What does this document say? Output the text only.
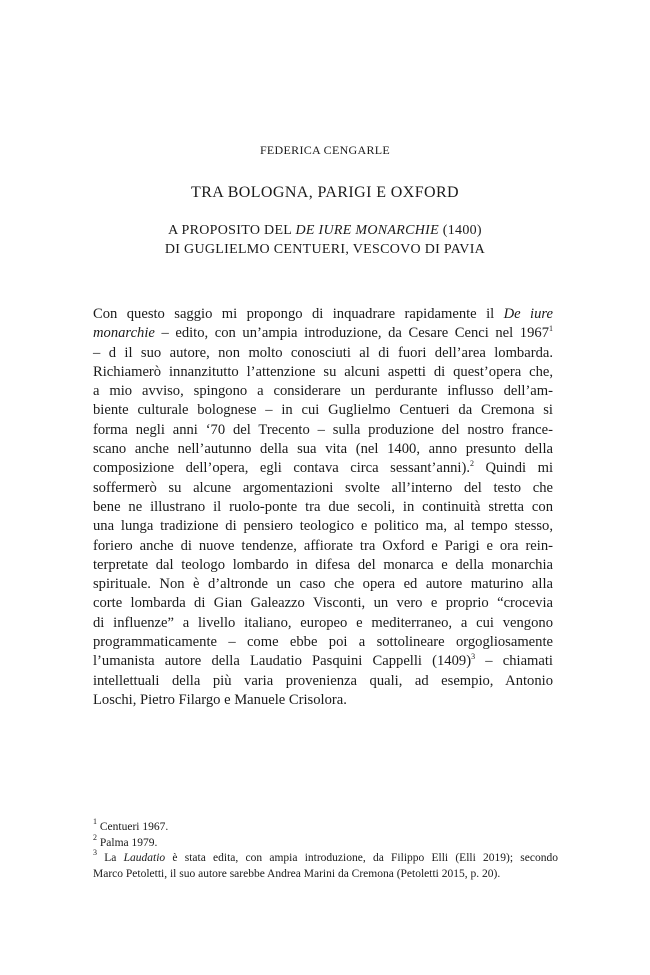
FEDERICA CENGARLE
TRA BOLOGNA, PARIGI E OXFORD
A PROPOSITO DEL DE IURE MONARCHIE (1400)
DI GUGLIELMO CENTUERI, VESCOVO DI PAVIA
Con questo saggio mi propongo di inquadrare rapidamente il De iure
monarchie – edito, con un’ampia introduzione, da Cesare Cenci nel 1967$^1$
– d il suo autore, non molto conosciuti al di fuori dell’area lombarda.
Richiamerò innanzitutto l’attenzione su alcuni aspetti di quest’opera che,
a mio avviso, spingono a considerare un perdurante influsso dell’am-
biente culturale bolognese – in cui Guglielmo Centueri da Cremona si
forma negli anni ‘70 del Trecento – sulla produzione del nostro france-
scano anche nell’autunno della sua vita (nel 1400, anno presunto della
composizione dell’opera, egli contava circa sessant’anni).$^2$ Quindi mi
soffermerò su alcune argomentazioni svolte all’interno del testo che
bene ne illustrano il ruolo-ponte tra due secoli, in continuità stretta con
una lunga tradizione di pensiero teologico e politico ma, al tempo stesso,
foriero anche di nuove tendenze, affiorate tra Oxford e Parigi e ora rein-
terpretate dal teologo lombardo in difesa del monarca e della monarchia
spirituale. Non è d’altronde un caso che opera ed autore maturino alla
corte lombarda di Gian Galeazzo Visconti, un vero e proprio “crocevia
di influenze” a livello italiano, europeo e mediterraneo, a cui vengono
programmaticamente – come ebbe poi a sottolineare orgogliosamente
l’umanista autore della Laudatio Pasquini Cappelli $(1409)^3$ – chiamati
intellettuali della più varia provenienza quali, ad esempio, Antonio
Loschi, Pietro Filargo e Manuele Crisolora.
$^1$ Centueri 1967.
$^2$ Palma 1979.
$^3$ La Laudatio è stata edita, con ampia introduzione, da Filippo Elli (Elli 2019); secondo
Marco Petoletti, il suo autore sarebbe Andrea Marini da Cremona (Petoletti 2015, p. 20).
